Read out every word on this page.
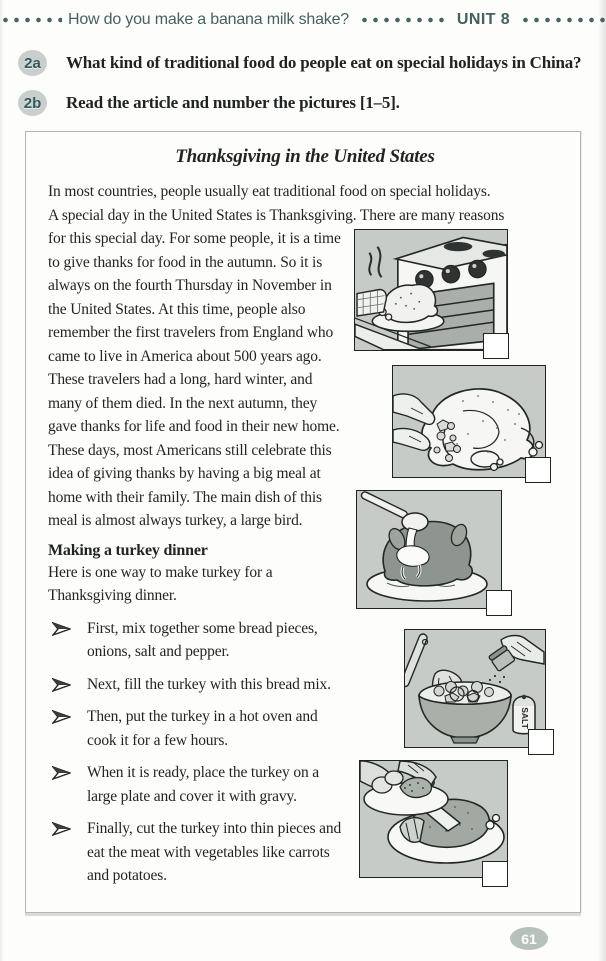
How do you make a banana milk shake?	UNIT 8
2a	What kind of traditional food do people eat on special holidays in China?
2b	Read the article and number the pictures [1–5].
Thanksgiving in the United States
In most countries, people usually eat traditional food on special holidays.
A special day in the United States is Thanksgiving. There are many reasons
SALT

for this special day. For some people, it is a time to give thanks for food in the autumn. So it is always on the fourth Thursday in November in the United States. At this time, people also remember the first travelers from England who came to live in America about 500 years ago. These travelers had a long, hard winter, and many of them died. In the next autumn, they gave thanks for life and food in their new home. These days, most Americans still celebrate this idea of giving thanks by having a big meal at home with their family. The main dish of this meal is almost always turkey, a large bird.

Making a turkey dinner

Here is one way to make turkey for a Thanksgiving dinner.

First, mix together some bread pieces, onions, salt and pepper.
Next, fill the turkey with this bread mix.
Then, put the turkey in a hot oven and cook it for a few hours.
When it is ready, place the turkey on a large plate and cover it with gravy.
Finally, cut the turkey into thin pieces and eat the meat with vegetables like carrots and potatoes.
61
